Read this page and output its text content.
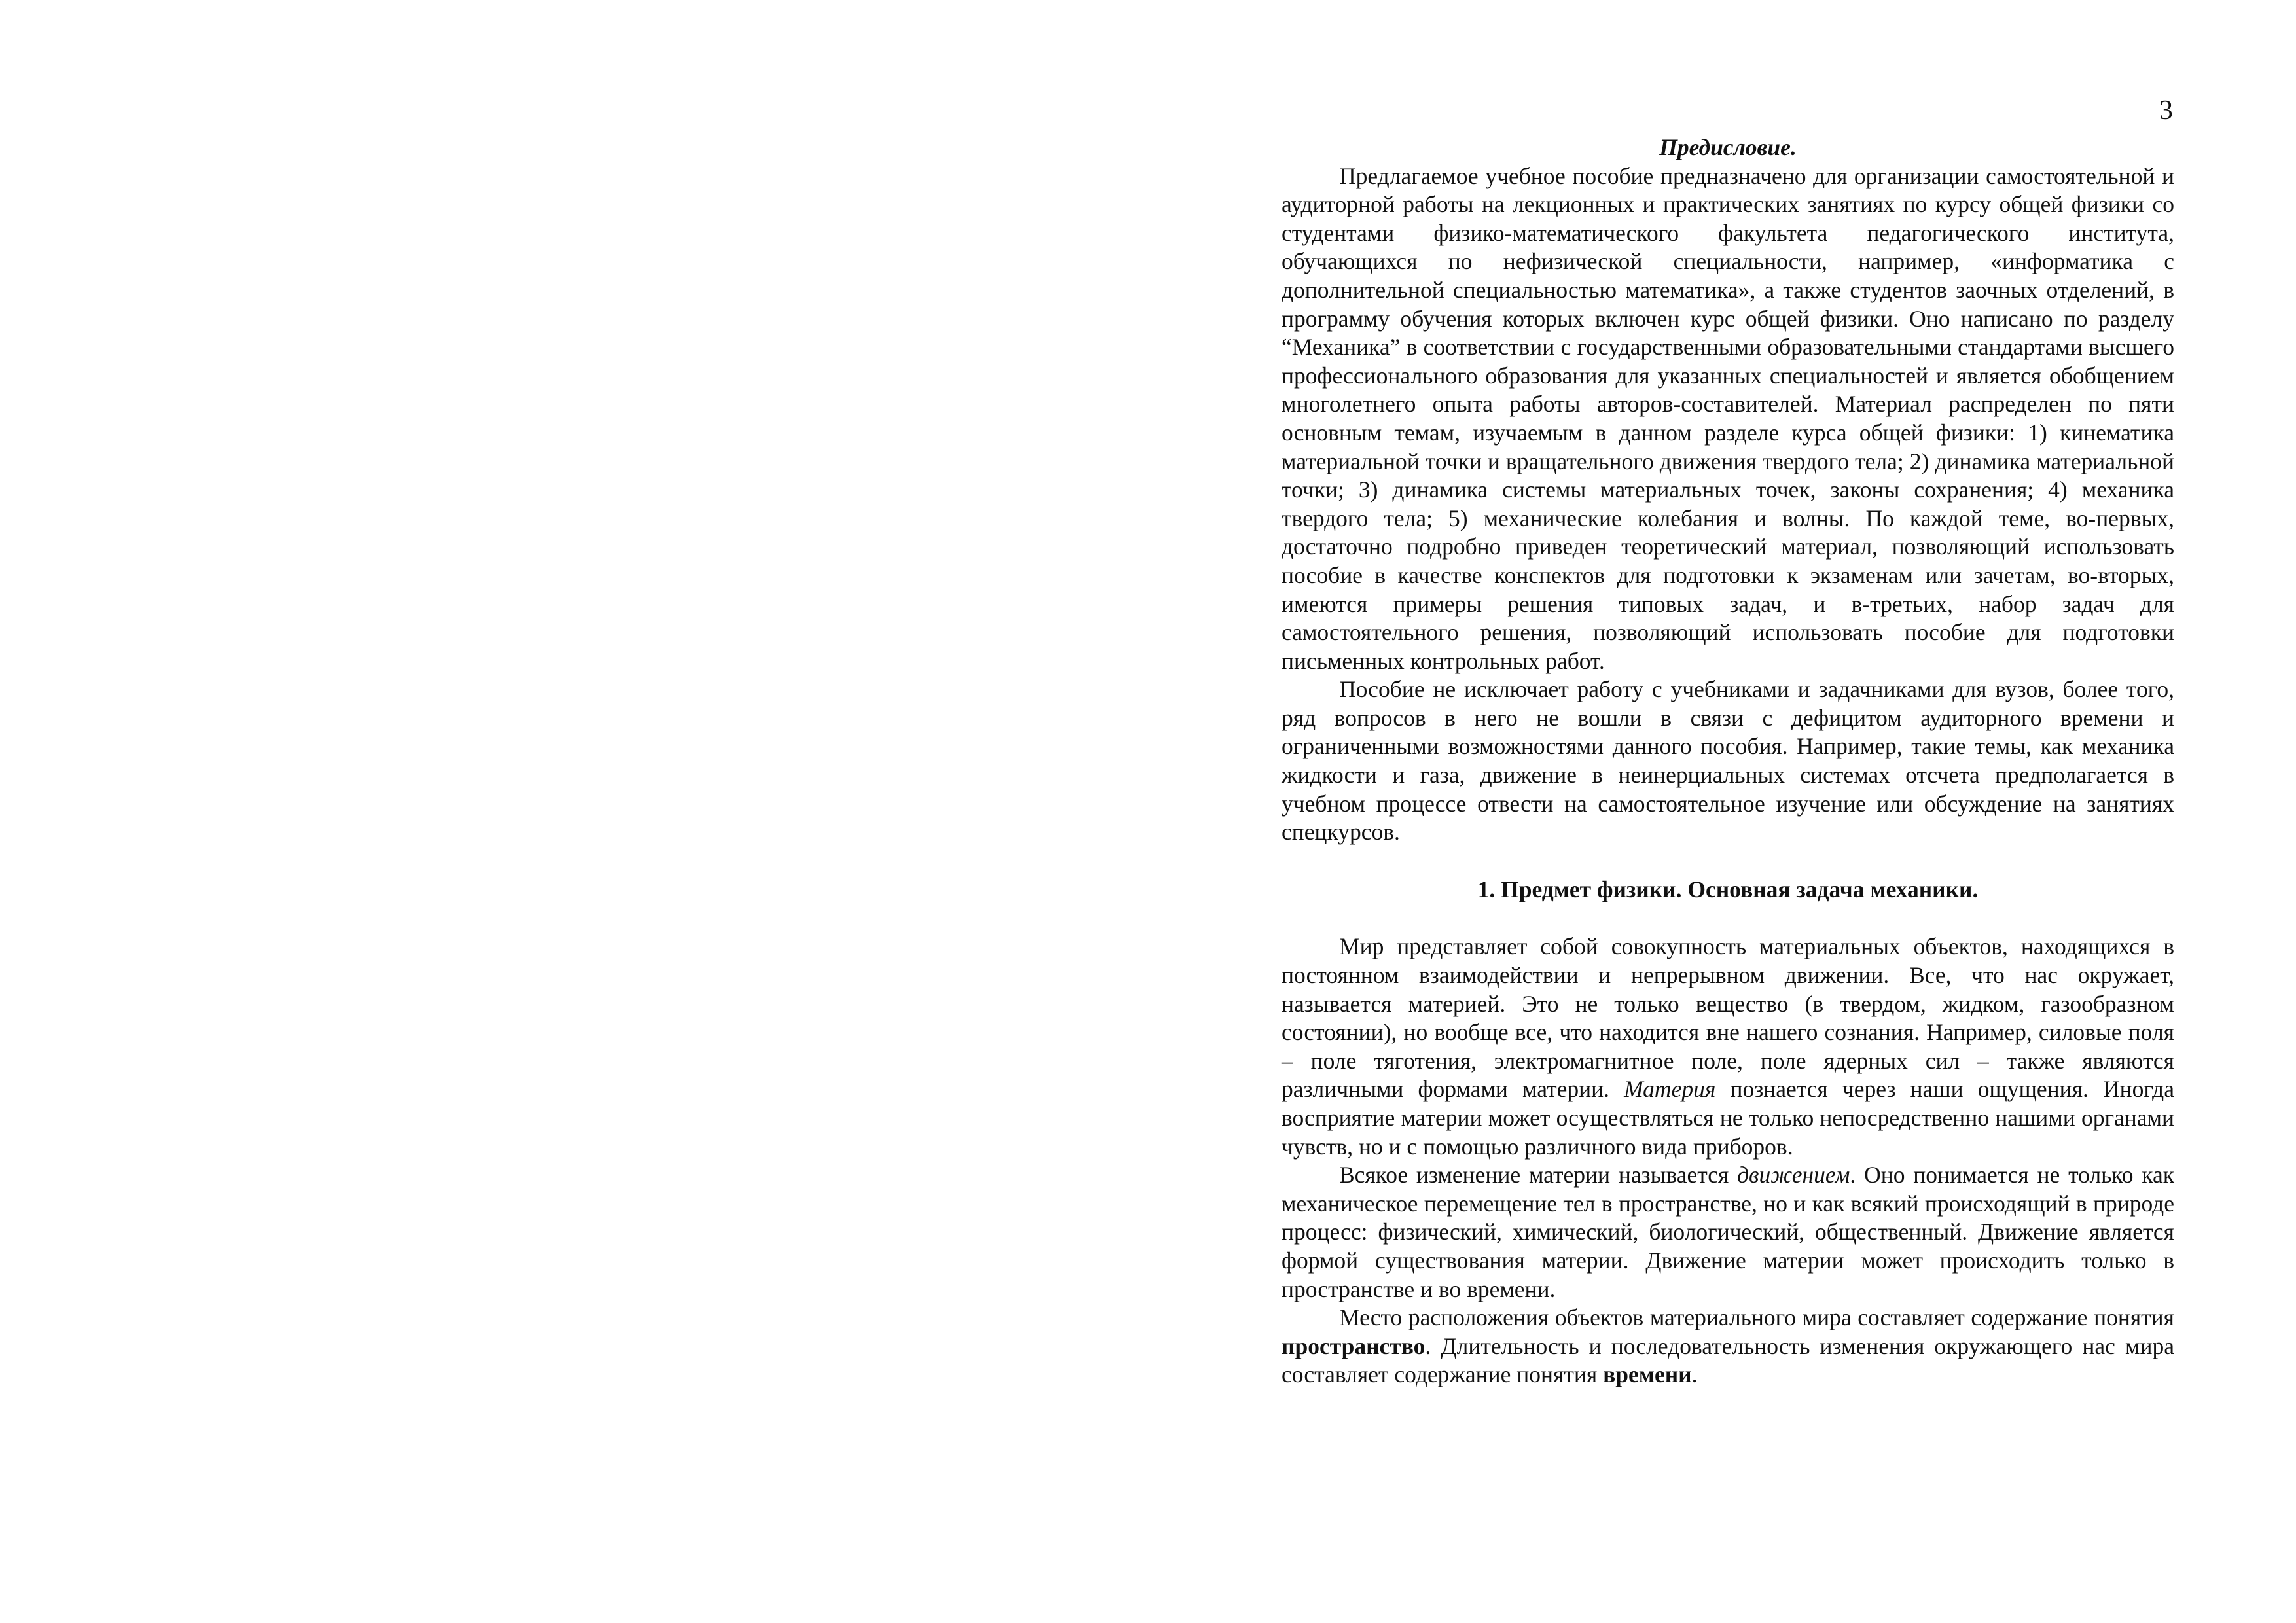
3

Предисловие.

Предлагаемое учебное пособие предназначено для организации самостоятельной и аудиторной работы на лекционных и практических занятиях по курсу общей физики со студентами физико-математического факультета педагогического института, обучающихся по нефизической специальности, например, «информатика с дополнительной специальностью математика», а также студентов заочных отделений, в программу обучения которых включен курс общей физики. Оно написано по разделу “Механика” в соответствии с государственными образовательными стандартами высшего профессионального образования для указанных специальностей и является обобщением многолетнего опыта работы авторов-составителей. Материал распределен по пяти основным темам, изучаемым в данном разделе курса общей физики: 1) кинематика материальной точки и вращательного движения твердого тела; 2) динамика материальной точки; 3) динамика системы материальных точек, законы сохранения; 4) механика твердого тела; 5) механические колебания и волны. По каждой теме, во-первых, достаточно подробно приведен теоретический материал, позволяющий использовать пособие в качестве конспектов для подготовки к экзаменам или зачетам, во-вторых, имеются примеры решения типовых задач, и в-третьих, набор задач для самостоятельного решения, позволяющий использовать пособие для подготовки письменных контрольных работ.

Пособие не исключает работу с учебниками и задачниками для вузов, более того, ряд вопросов в него не вошли в связи с дефицитом аудиторного времени и ограниченными возможностями данного пособия. Например, такие темы, как механика жидкости и газа, движение в неинерциальных системах отсчета предполагается в учебном процессе отвести на самостоятельное изучение или обсуждение на занятиях спецкурсов.

1. Предмет физики. Основная задача механики.

Мир представляет собой совокупность материальных объектов, находящихся в постоянном взаимодействии и непрерывном движении. Все, что нас окружает, называется материей. Это не только вещество (в твердом, жидком, газообразном состоянии), но вообще все, что находится вне нашего сознания. Например, силовые поля – поле тяготения, электромагнитное поле, поле ядерных сил – также являются различными формами материи. Материя познается через наши ощущения. Иногда восприятие материи может осуществляться не только непосредственно нашими органами чувств, но и с помощью различного вида приборов.

Всякое изменение материи называется движением. Оно понимается не только как механическое перемещение тел в пространстве, но и как всякий происходящий в природе процесс: физический, химический, биологический, общественный. Движение является формой существования материи. Движение материи может происходить только в пространстве и во времени.

Место расположения объектов материального мира составляет содержание понятия пространство. Длительность и последовательность изменения окружающего нас мира составляет содержание понятия времени.
